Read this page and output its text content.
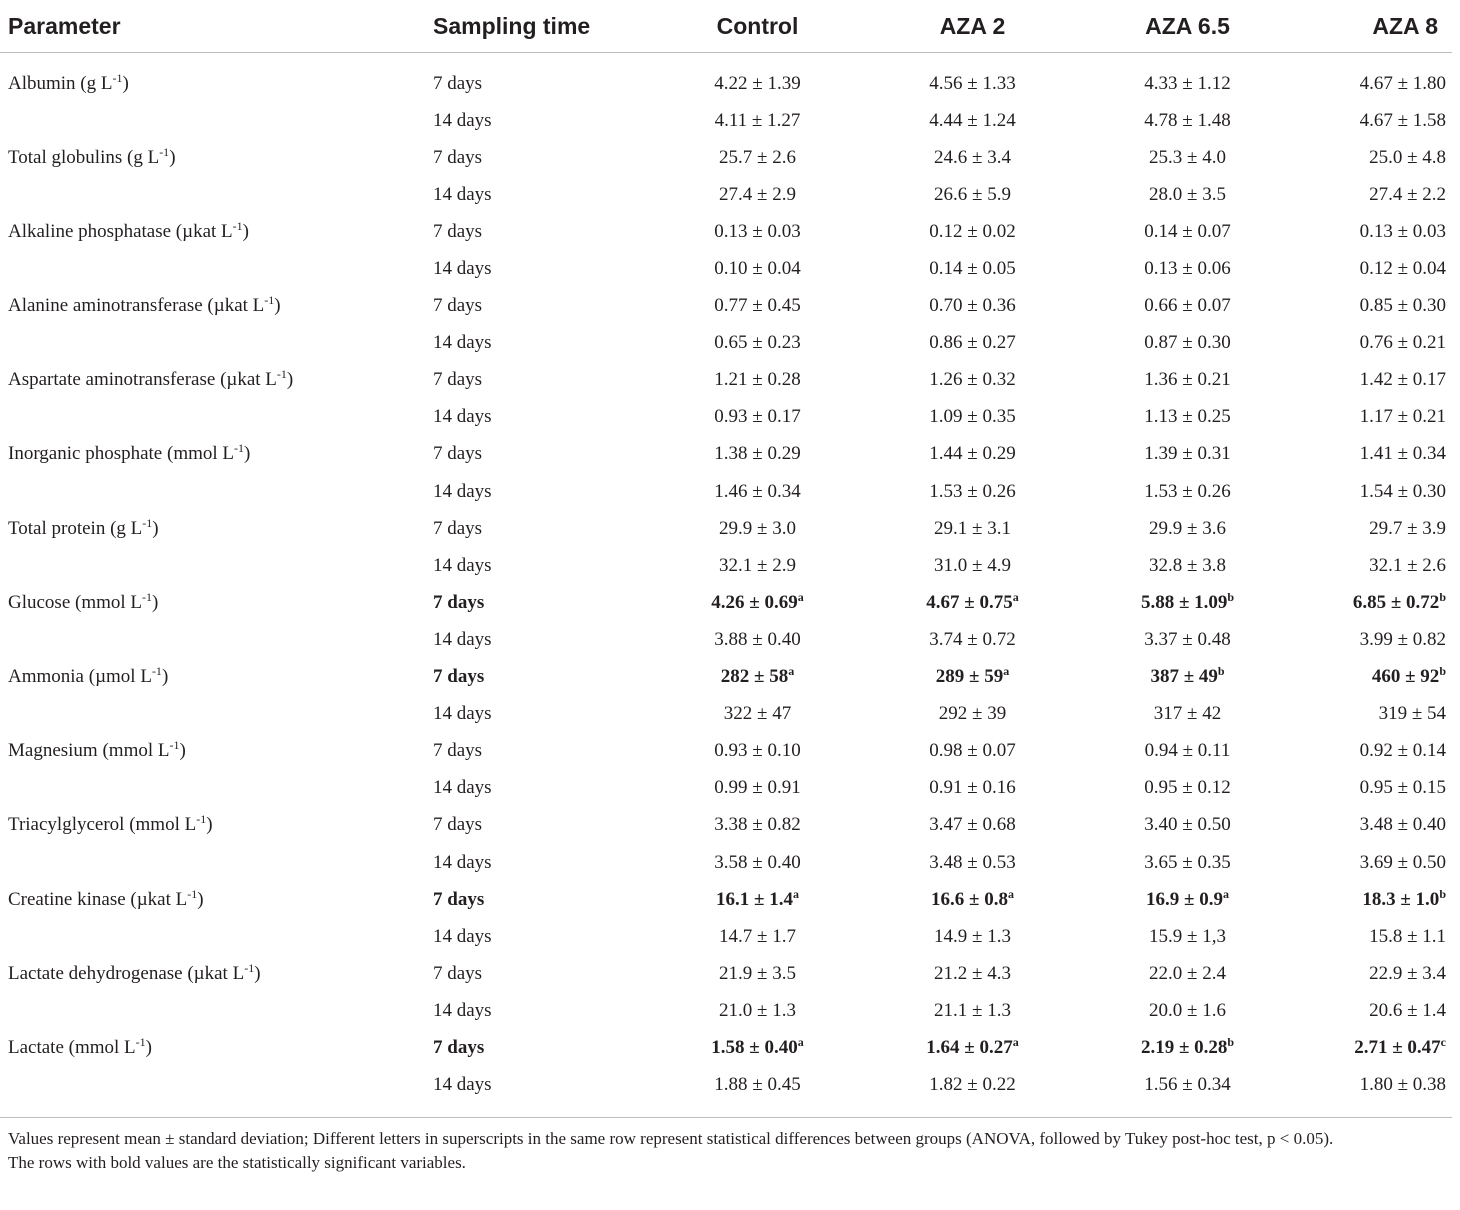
Parameter	Sampling time	Control	AZA 2	AZA 6.5	AZA 8

Albumin (g $L^{-1}$)	7 days	4.22 ± 1.39	4.56 ± 1.33	4.33 ± 1.12	4.67 ± 1.80
	14 days	4.11 ± 1.27	4.44 ± 1.24	4.78 ± 1.48	4.67 ± 1.58
Total globulins (g $L^{-1}$)	7 days	25.7 ± 2.6	24.6 ± 3.4	25.3 ± 4.0	25.0 ± 4.8
	14 days	27.4 ± 2.9	26.6 ± 5.9	28.0 ± 3.5	27.4 ± 2.2
Alkaline phosphatase (µkat $L^{-1}$)	7 days	0.13 ± 0.03	0.12 ± 0.02	0.14 ± 0.07	0.13 ± 0.03
	14 days	0.10 ± 0.04	0.14 ± 0.05	0.13 ± 0.06	0.12 ± 0.04
Alanine aminotransferase (µkat $L^{-1}$)	7 days	0.77 ± 0.45	0.70 ± 0.36	0.66 ± 0.07	0.85 ± 0.30
	14 days	0.65 ± 0.23	0.86 ± 0.27	0.87 ± 0.30	0.76 ± 0.21
Aspartate aminotransferase (µkat $L^{-1}$)	7 days	1.21 ± 0.28	1.26 ± 0.32	1.36 ± 0.21	1.42 ± 0.17
	14 days	0.93 ± 0.17	1.09 ± 0.35	1.13 ± 0.25	1.17 ± 0.21
Inorganic phosphate (mmol $L^{-1}$)	7 days	1.38 ± 0.29	1.44 ± 0.29	1.39 ± 0.31	1.41 ± 0.34
	14 days	1.46 ± 0.34	1.53 ± 0.26	1.53 ± 0.26	1.54 ± 0.30
Total protein (g $L^{-1}$)	7 days	29.9 ± 3.0	29.1 ± 3.1	29.9 ± 3.6	29.7 ± 3.9
	14 days	32.1 ± 2.9	31.0 ± 4.9	32.8 ± 3.8	32.1 ± 2.6
Glucose (mmol $L^{-1}$)	7 days	4.26 ± 0.69$^a$	4.67 ± 0.75$^a$	5.88 ± 1.09$^b$	6.85 ± 0.72$^b$
	14 days	3.88 ± 0.40	3.74 ± 0.72	3.37 ± 0.48	3.99 ± 0.82
Ammonia (µmol $L^{-1}$)	7 days	$282 \pm 58^a$	$289 \pm 59^a$	$387 \pm 49^b$	$460 \pm 92^b$
	14 days	322 ± 47	292 ± 39	317 ± 42	319 ± 54
Magnesium (mmol $L^{-1}$)	7 days	0.93 ± 0.10	0.98 ± 0.07	0.94 ± 0.11	0.92 ± 0.14
	14 days	0.99 ± 0.91	0.91 ± 0.16	0.95 ± 0.12	0.95 ± 0.15
Triacylglycerol (mmol $L^{-1}$)	7 days	3.38 ± 0.82	3.47 ± 0.68	3.40 ± 0.50	3.48 ± 0.40
	14 days	3.58 ± 0.40	3.48 ± 0.53	3.65 ± 0.35	3.69 ± 0.50
Creatine kinase (µkat $L^{-1}$)	7 days	16.1 ± 1.4$^a$	16.6 ± 0.8$^a$	16.9 ± 0.9$^a$	18.3 ± 1.0$^b$
	14 days	14.7 ± 1.7	14.9 ± 1.3	15.9 ± 1,3	15.8 ± 1.1
Lactate dehydrogenase (µkat $L^{-1}$)	7 days	21.9 ± 3.5	21.2 ± 4.3	22.0 ± 2.4	22.9 ± 3.4
	14 days	21.0 ± 1.3	21.1 ± 1.3	20.0 ± 1.6	20.6 ± 1.4
Lactate (mmol $L^{-1}$)	7 days	1.58 ± 0.40$^a$	1.64 ± 0.27$^a$	2.19 ± 0.28$^b$	2.71 ± 0.47$^c$
	14 days	1.88 ± 0.45	1.82 ± 0.22	1.56 ± 0.34	1.80 ± 0.38

Values represent mean ± standard deviation; Different letters in superscripts in the same row represent statistical differences between groups (ANOVA, followed by Tukey post-hoc test, p < 0.05).

The rows with bold values are the statistically significant variables.
